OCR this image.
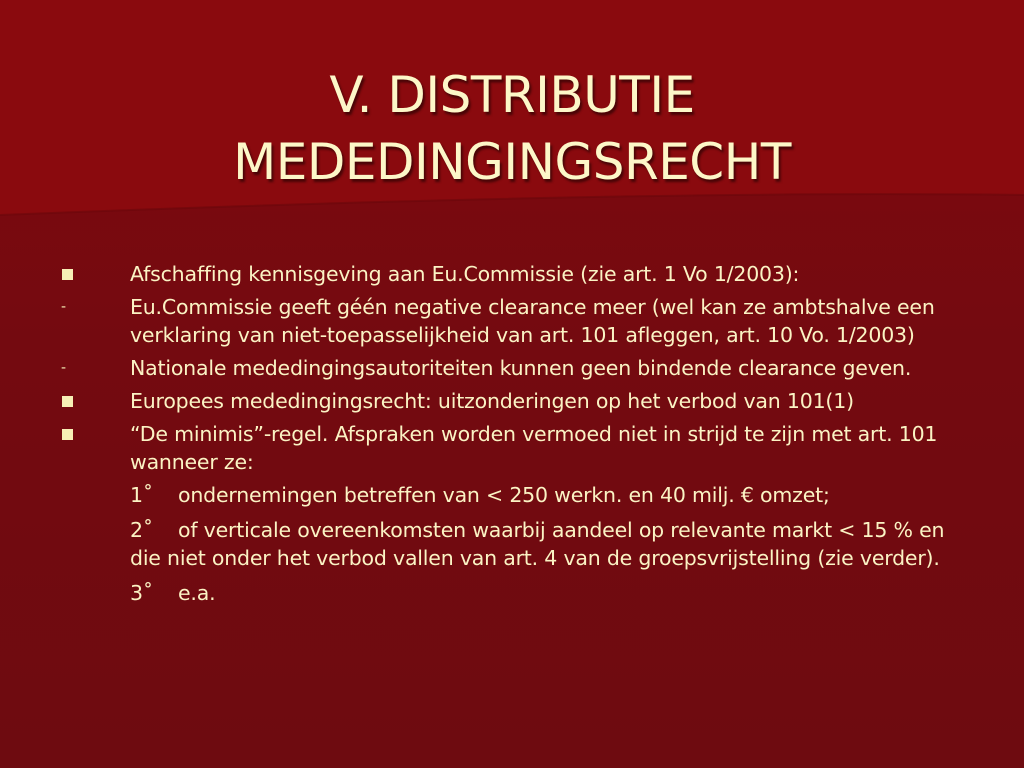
V. DISTRIBUTIE
MEDEDINGINGSRECHT
Afschaffing kennisgeving aan Eu.Commissie (zie art. 1 Vo 1/2003):
-	Eu.Commissie geeft géén negative clearance meer (wel kan ze ambtshalve een verklaring van niet-toepasselijkheid van art. 101 afleggen, art. 10 Vo. 1/2003)
-	Nationale mededingingsautoriteiten kunnen geen bindende clearance geven.
Europees mededingingsrecht: uitzonderingen op het verbod van 101(1)
“De minimis”-regel. Afspraken worden vermoed niet in strijd te zijn met art. 101 wanneer ze:
1˚ ondernemingen betreffen van < 250 werkn. en 40 milj. € omzet;
2˚ of verticale overeenkomsten waarbij aandeel op relevante markt < 15 % en die niet onder het verbod vallen van art. 4 van de groepsvrijstelling (zie verder).
3˚ e.a.
